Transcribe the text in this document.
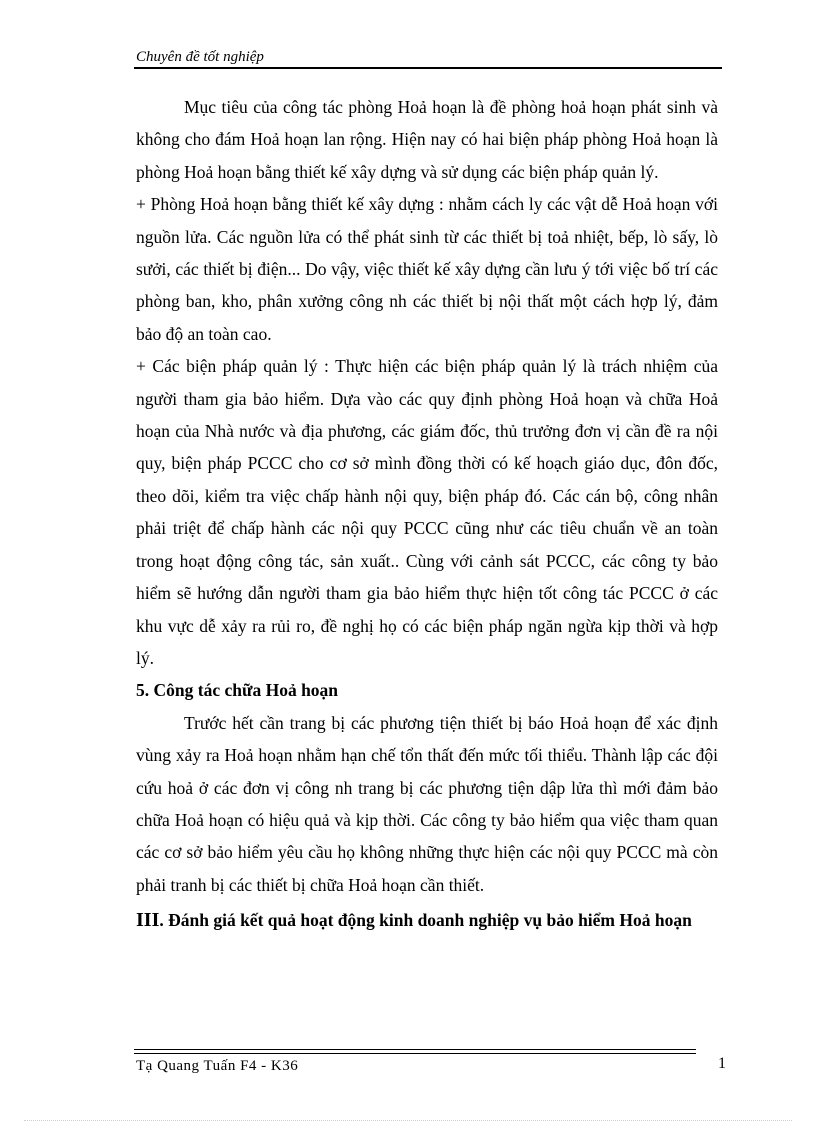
Chuyên đề tốt nghiệp

Mục tiêu của công tác phòng Hoả hoạn là đề phòng hoả hoạn phát sinh và không cho đám Hoả hoạn lan rộng. Hiện nay có hai biện pháp phòng Hoả hoạn là phòng Hoả hoạn bằng thiết kế xây dựng và sử dụng các biện pháp quản lý.

+ Phòng Hoả hoạn bằng thiết kế xây dựng : nhằm cách ly các vật dễ Hoả hoạn với nguồn lửa. Các nguồn lửa có thể phát sinh từ các thiết bị toả nhiệt, bếp, lò sấy, lò sưởi, các thiết bị điện... Do vậy, việc thiết kế xây dựng cần lưu ý tới việc bố trí các phòng ban, kho, phân xưởng công nh các thiết bị nội thất một cách hợp lý, đảm bảo độ an toàn cao.

+ Các biện pháp quản lý : Thực hiện các biện pháp quản lý là trách nhiệm của người tham gia bảo hiểm. Dựa vào các quy định phòng Hoả hoạn và chữa Hoả hoạn của Nhà nước và địa phương, các giám đốc, thủ trưởng đơn vị cần đề ra nội quy, biện pháp PCCC cho cơ sở mình đồng thời có kế hoạch giáo dục, đôn đốc, theo dõi, kiểm tra việc chấp hành nội quy, biện pháp đó. Các cán bộ, công nhân phải triệt để chấp hành các nội quy PCCC cũng như các tiêu chuẩn về an toàn trong hoạt động công tác, sản xuất.. Cùng với cảnh sát PCCC, các công ty bảo hiểm sẽ hướng dẫn người tham gia bảo hiểm thực hiện tốt công tác PCCC ở các khu vực dễ xảy ra rủi ro, đề nghị họ có các biện pháp ngăn ngừa kịp thời và hợp lý.

5. Công tác chữa Hoả hoạn

Trước hết cần trang bị các phương tiện thiết bị báo Hoả hoạn để xác định vùng xảy ra Hoả hoạn nhằm hạn chế tổn thất đến mức tối thiểu. Thành lập các đội cứu hoả ở các đơn vị công nh trang bị các phương tiện dập lửa thì mới đảm bảo chữa Hoả hoạn có hiệu quả và kịp thời. Các công ty bảo hiểm qua việc tham quan các cơ sở bảo hiểm yêu cầu họ không những thực hiện các nội quy PCCC mà còn phải tranh bị các thiết bị chữa Hoả hoạn cần thiết.

III. Đánh giá kết quả hoạt động kinh doanh nghiệp vụ bảo hiểm Hoả hoạn
Tạ Quang Tuấn F4 - K36	1
